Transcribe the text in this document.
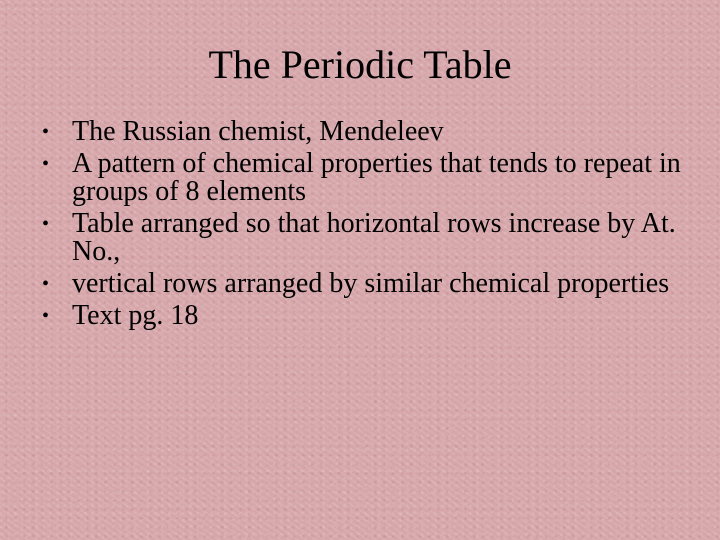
The Periodic Table
• The Russian chemist, Mendeleev
• A pattern of chemical properties that tends to repeat in groups of 8 elements
• Table arranged so that horizontal rows increase by At. No.,
• vertical rows arranged by similar chemical properties
• Text pg. 18
